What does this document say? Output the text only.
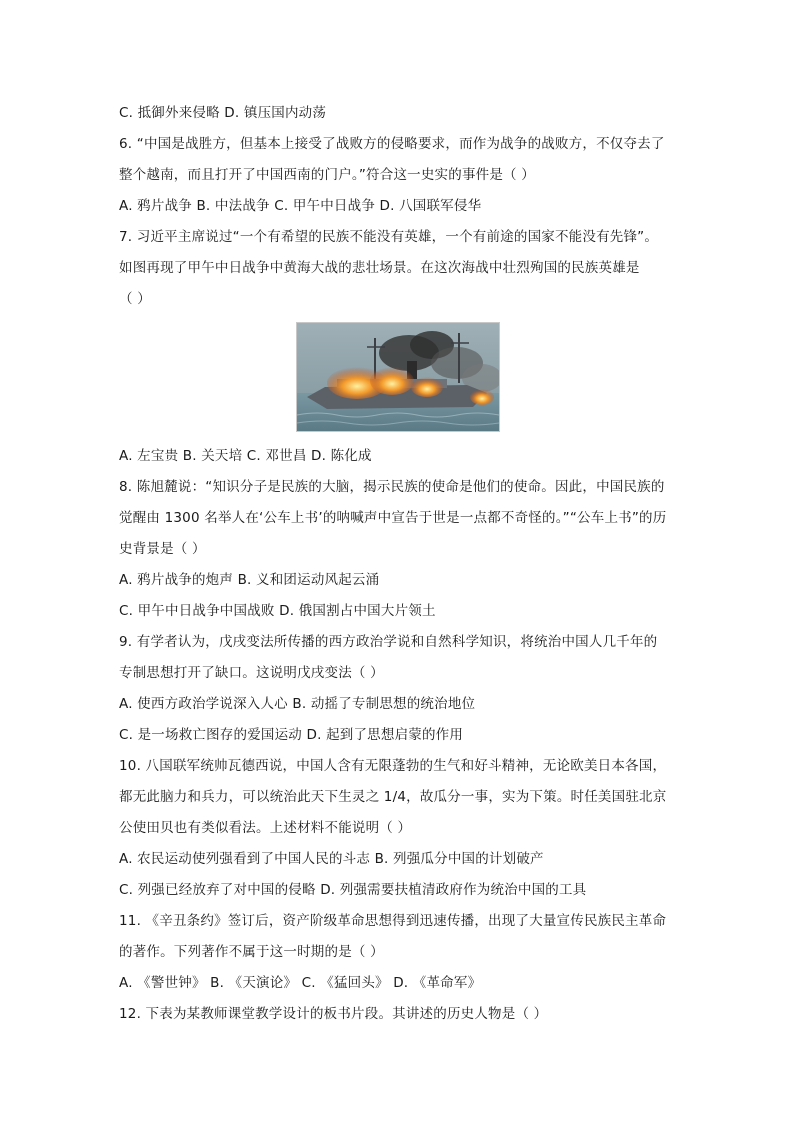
C. 抵御外来侵略 D. 镇压国内动荡
6. “中国是战胜方，但基本上接受了战败方的侵略要求，而作为战争的战败方，不仅夺去了
整个越南，而且打开了中国西南的门户。”符合这一史实的事件是（ ）
A. 鸦片战争 B. 中法战争 C. 甲午中日战争 D. 八国联军侵华
7. 习近平主席说过“一个有希望的民族不能没有英雄，一个有前途的国家不能没有先锋”。
如图再现了甲午中日战争中黄海大战的悲壮场景。在这次海战中壮烈殉国的民族英雄是
（ ）
A. 左宝贵 B. 关天培 C. 邓世昌 D. 陈化成
8. 陈旭麓说：“知识分子是民族的大脑，揭示民族的使命是他们的使命。因此，中国民族的
觉醒由 1300 名举人在‘公车上书’的呐喊声中宣告于世是一点都不奇怪的。”“公车上书”的历
史背景是（ ）
A. 鸦片战争的炮声 B. 义和团运动风起云涌
C. 甲午中日战争中国战败 D. 俄国割占中国大片领土
9. 有学者认为，戊戌变法所传播的西方政治学说和自然科学知识，将统治中国人几千年的
专制思想打开了缺口。这说明戊戌变法（ ）
A. 使西方政治学说深入人心 B. 动摇了专制思想的统治地位
C. 是一场救亡图存的爱国运动 D. 起到了思想启蒙的作用
10. 八国联军统帅瓦德西说，中国人含有无限蓬勃的生气和好斗精神，无论欧美日本各国，
都无此脑力和兵力，可以统治此天下生灵之 1/4，故瓜分一事，实为下策。时任美国驻北京
公使田贝也有类似看法。上述材料不能说明（ ）
A. 农民运动使列强看到了中国人民的斗志 B. 列强瓜分中国的计划破产
C. 列强已经放弃了对中国的侵略 D. 列强需要扶植清政府作为统治中国的工具
11. 《辛丑条约》签订后，资产阶级革命思想得到迅速传播，出现了大量宣传民族民主革命
的著作。下列著作不属于这一时期的是（ ）
A. 《警世钟》 B. 《天演论》 C. 《猛回头》 D. 《革命军》
12. 下表为某教师课堂教学设计的板书片段。其讲述的历史人物是（ ）
